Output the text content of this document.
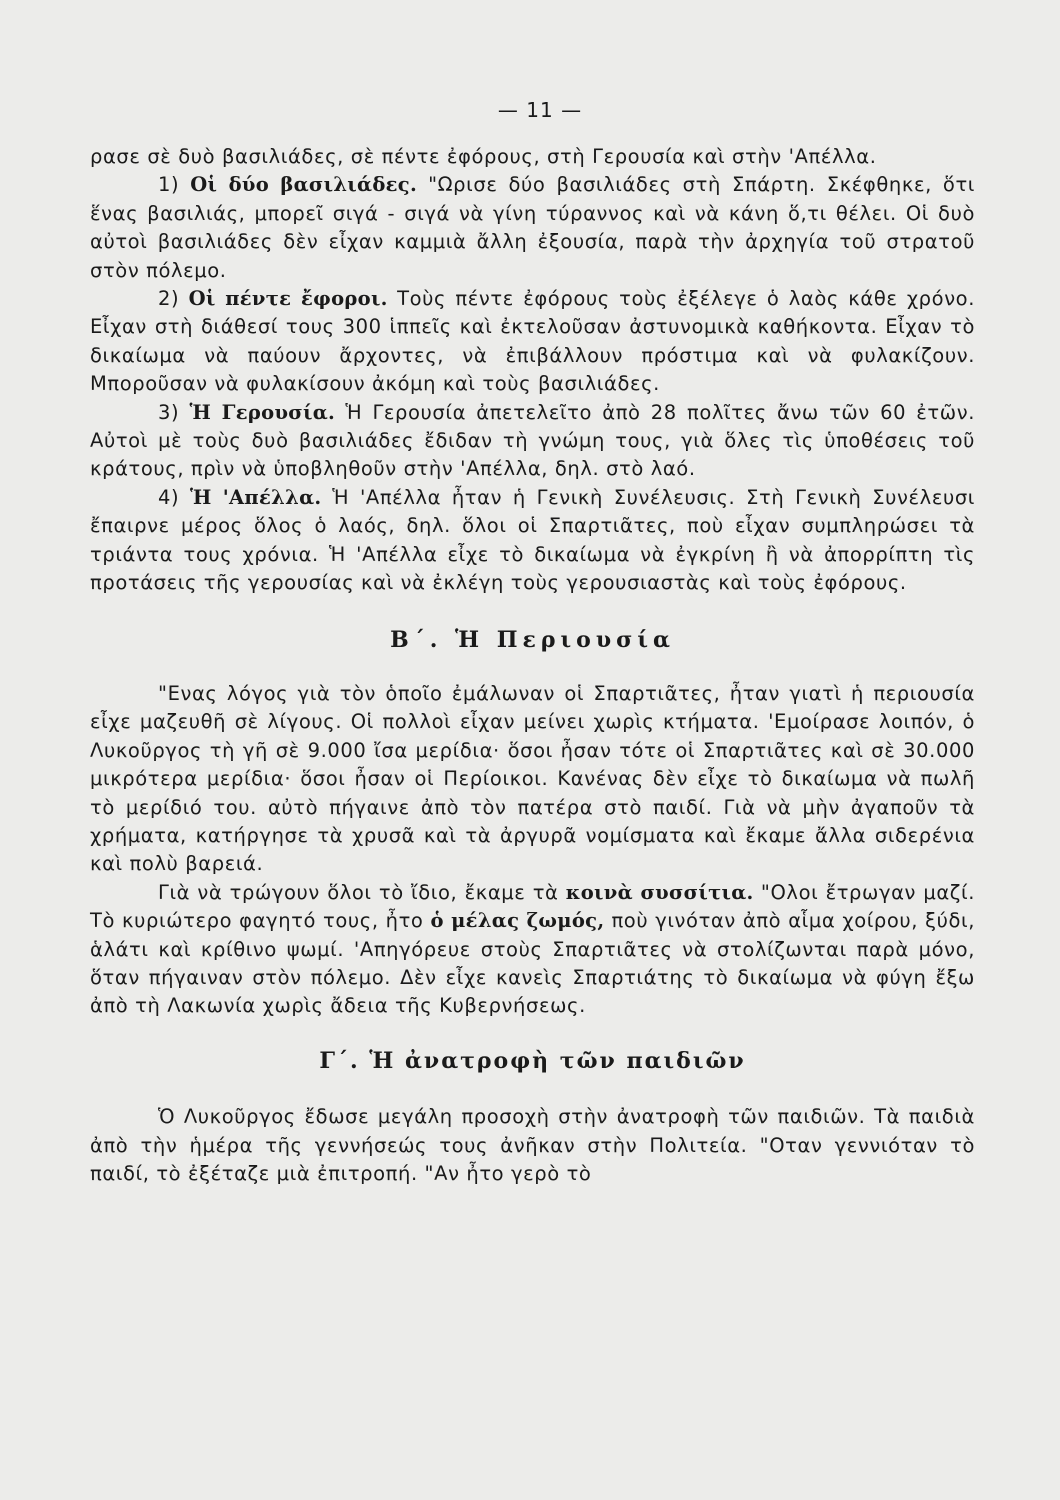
— 11 —

ρασε σὲ δυὸ βασιλιάδες, σὲ πέντε ἐφόρους, στὴ Γερουσία καὶ στὴν 'Απέλλα.

1) Οἱ δύο βασιλιάδες. "Ωρισε δύο βασιλιάδες στὴ Σπάρτη. Σκέφθηκε, ὅτι ἕνας βασιλιάς, μπορεῖ σιγά - σιγά νὰ γίνη τύραννος καὶ νὰ κάνη ὅ,τι θέλει. Οἱ δυὸ αὐτοὶ βασιλιάδες δὲν εἶχαν καμμιὰ ἄλλη ἐξουσία, παρὰ τὴν ἀρχηγία τοῦ στρατοῦ στὸν πόλεμο.

2) Οἱ πέντε ἔφοροι. Τοὺς πέντε ἐφόρους τοὺς ἐξέλεγε ὁ λαὸς κάθε χρόνο. Εἶχαν στὴ διάθεσί τους 300 ἱππεῖς καὶ ἐκτελοῦσαν ἀστυνομικὰ καθήκοντα. Εἶχαν τὸ δικαίωμα νὰ παύουν ἄρχοντες, νὰ ἐπιβάλλουν πρόστιμα καὶ νὰ φυλακίζουν. Μποροῦσαν νὰ φυλακίσουν ἀκόμη καὶ τοὺς βασιλιάδες.

3) Ἡ Γερουσία. Ἡ Γερουσία ἀπετελεῖτο ἀπὸ 28 πολῖτες ἄνω τῶν 60 ἐτῶν. Αὐτοὶ μὲ τοὺς δυὸ βασιλιάδες ἔδιδαν τὴ γνώμη τους, γιὰ ὅλες τὶς ὑποθέσεις τοῦ κράτους, πρὶν νὰ ὑποβληθοῦν στὴν 'Απέλλα, δηλ. στὸ λαό.

4) Ἡ 'Απέλλα. Ἡ 'Απέλλα ἦταν ἡ Γενικὴ Συνέλευσις. Στὴ Γενικὴ Συνέλευσι ἔπαιρνε μέρος ὅλος ὁ λαός, δηλ. ὅλοι οἱ Σπαρτιᾶτες, ποὺ εἶχαν συμπληρώσει τὰ τριάντα τους χρόνια. Ἡ 'Απέλλα εἶχε τὸ δικαίωμα νὰ ἐγκρίνη ἢ νὰ ἀπορρίπτη τὶς προτάσεις τῆς γερουσίας καὶ νὰ ἐκλέγη τοὺς γερουσιαστὰς καὶ τοὺς ἐφόρους.

Β΄. Ἡ Περιουσία

"Ενας λόγος γιὰ τὸν ὁποῖο ἐμάλωναν οἱ Σπαρτιᾶτες, ἦταν γιατὶ ἡ περιουσία εἶχε μαζευθῆ σὲ λίγους. Οἱ πολλοὶ εἶχαν μείνει χωρὶς κτήματα. 'Εμοίρασε λοιπόν, ὁ Λυκοῦργος τὴ γῆ σὲ 9.000 ἴσα μερίδια· ὅσοι ἦσαν τότε οἱ Σπαρτιᾶτες καὶ σὲ 30.000 μικρότερα μερίδια· ὅσοι ἦσαν οἱ Περίοικοι. Κανένας δὲν εἶχε τὸ δικαίωμα νὰ πωλῆ τὸ μερίδιό του. αὐτὸ πήγαινε ἀπὸ τὸν πατέρα στὸ παιδί. Γιὰ νὰ μὴν ἀγαποῦν τὰ χρήματα, κατήργησε τὰ χρυσᾶ καὶ τὰ ἀργυρᾶ νομίσματα καὶ ἔκαμε ἄλλα σιδερένια καὶ πολὺ βαρειά.

Γιὰ νὰ τρώγουν ὅλοι τὸ ἴδιο, ἔκαμε τὰ κοινὰ συσσίτια. "Ολοι ἔτρωγαν μαζί. Τὸ κυριώτερο φαγητό τους, ἦτο ὁ μέλας ζωμός, ποὺ γινόταν ἀπὸ αἷμα χοίρου, ξύδι, ἁλάτι καὶ κρίθινο ψωμί. 'Απηγόρευε στοὺς Σπαρτιᾶτες νὰ στολίζωνται παρὰ μόνο, ὅταν πήγαιναν στὸν πόλεμο. Δὲν εἶχε κανεὶς Σπαρτιάτης τὸ δικαίωμα νὰ φύγη ἔξω ἀπὸ τὴ Λακωνία χωρὶς ἄδεια τῆς Κυβερνήσεως.

Γ΄. Ἡ ἀνατροφὴ τῶν παιδιῶν

Ὁ Λυκοῦργος ἔδωσε μεγάλη προσοχὴ στὴν ἀνατροφὴ τῶν παιδιῶν. Τὰ παιδιὰ ἀπὸ τὴν ἡμέρα τῆς γεννήσεώς τους ἀνῆκαν στὴν Πολιτεία. "Οταν γεννιόταν τὸ παιδί, τὸ ἐξέταζε μιὰ ἐπιτροπή. "Αν ἦτο γερὸ τὸ
